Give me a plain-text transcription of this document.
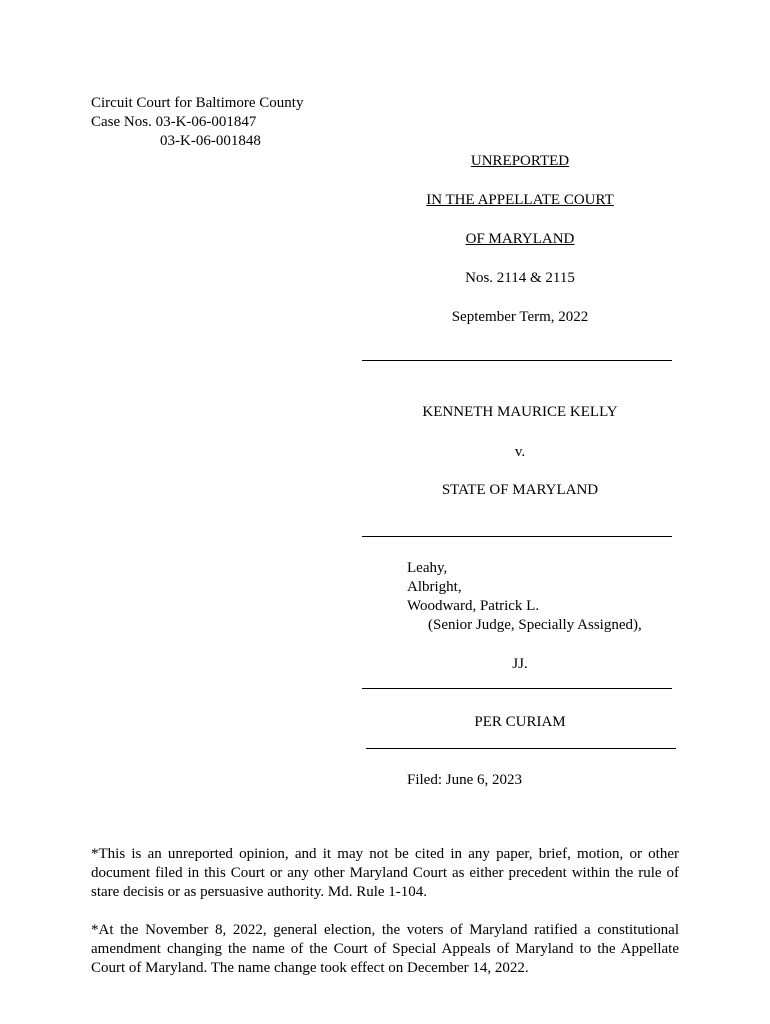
Circuit Court for Baltimore County
Case Nos. 03-K-06-001847
03-K-06-001848
UNREPORTED
IN THE APPELLATE COURT
OF MARYLAND
Nos. 2114 & 2115
September Term, 2022
KENNETH MAURICE KELLY
v.
STATE OF MARYLAND
Leahy,
Albright,
Woodward, Patrick L.
(Senior Judge, Specially Assigned),
JJ.
PER CURIAM
Filed: June 6, 2023
*This is an unreported opinion, and it may not be cited in any paper, brief, motion, or other document filed in this Court or any other Maryland Court as either precedent within the rule of stare decisis or as persuasive authority. Md. Rule 1-104.
*At the November 8, 2022, general election, the voters of Maryland ratified a constitutional amendment changing the name of the Court of Special Appeals of Maryland to the Appellate Court of Maryland. The name change took effect on December 14, 2022.
